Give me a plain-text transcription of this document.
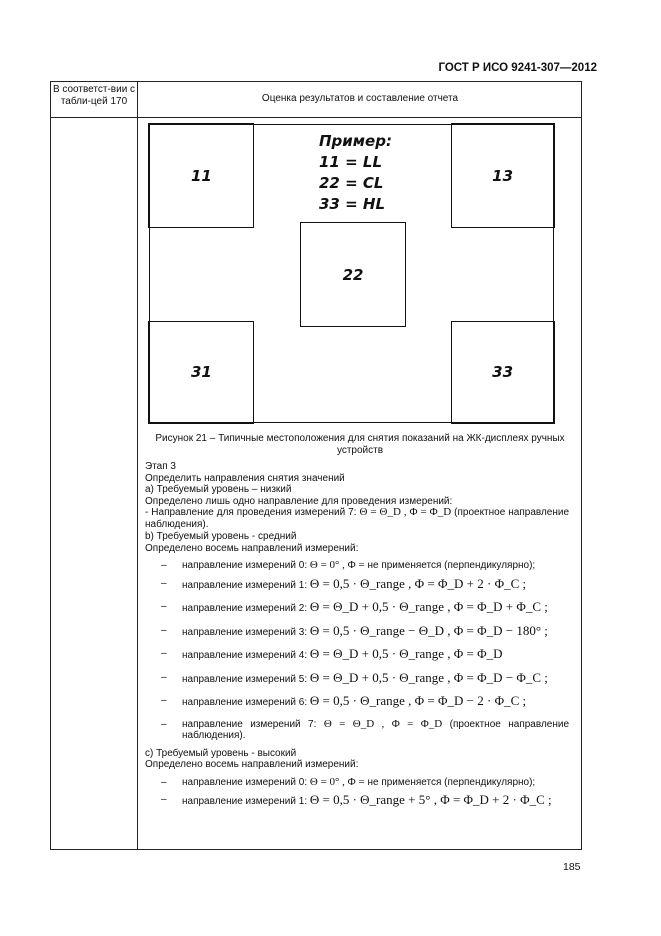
ГОСТ Р ИСО 9241-307—2012
В соответст-вии с табли-цей 170	Оценка результатов и составление отчета
11	13
22
31	33
Пример:
11 = LL
22 = CL
33 = HL
Рисунок 21 – Типичные местоположения для снятия показаний на ЖК-дисплеях ручных устройств

Этап 3

Определить направления снятия значений

а) Требуемый уровень – низкий

Определено лишь одно направление для проведения измерений:

- Направление для проведения измерений 7: Θ = Θ_D , Φ = Φ_D (проектное направление наблюдения).

b) Требуемый уровень - средний

Определено восемь направлений измерений:

– направление измерений 0: Θ = 0° , Φ = не применяется (перпендикулярно);
– направление измерений 1: Θ = 0,5 · Θ_range , Φ = Φ_D + 2 · Φ_C ;
– направление измерений 2: Θ = Θ_D + 0,5 · Θ_range , Φ = Φ_D + Φ_C ;
– направление измерений 3: Θ = 0,5 · Θ_range − Θ_D , Φ = Φ_D − 180° ;
– направление измерений 4: Θ = Θ_D + 0,5 · Θ_range , Φ = Φ_D
– направление измерений 5: Θ = Θ_D + 0,5 · Θ_range , Φ = Φ_D − Φ_C ;
– направление измерений 6: Θ = 0,5 · Θ_range , Φ = Φ_D − 2 · Φ_C ;
– направление измерений 7: Θ = Θ_D , Φ = Φ_D (проектное направление наблюдения).

с) Требуемый уровень - высокий

Определено восемь направлений измерений:

– направление измерений 0: Θ = 0° , Φ = не применяется (перпендикулярно);
– направление измерений 1: Θ = 0,5 · Θ_range + 5° , Φ = Φ_D + 2 · Φ_C ;
185
